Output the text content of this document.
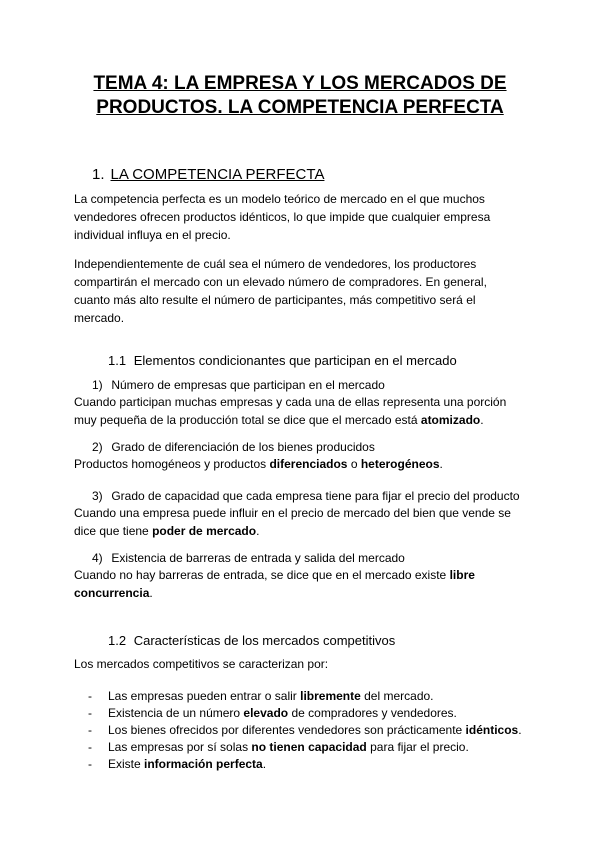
TEMA 4: LA EMPRESA Y LOS MERCADOS DE
PRODUCTOS. LA COMPETENCIA PERFECTA
1. LA COMPETENCIA PERFECTA
La competencia perfecta es un modelo teórico de mercado en el que muchos
vendedores ofrecen productos idénticos, lo que impide que cualquier empresa
individual influya en el precio.
Independientemente de cuál sea el número de vendedores, los productores
compartirán el mercado con un elevado número de compradores. En general,
cuanto más alto resulte el número de participantes, más competitivo será el
mercado.
1.1 Elementos condicionantes que participan en el mercado
1) Número de empresas que participan en el mercado
Cuando participan muchas empresas y cada una de ellas representa una porción
muy pequeña de la producción total se dice que el mercado está atomizado.
2) Grado de diferenciación de los bienes producidos
Productos homogéneos y productos diferenciados o heterogéneos.
3) Grado de capacidad que cada empresa tiene para fijar el precio del producto
Cuando una empresa puede influir en el precio de mercado del bien que vende se
dice que tiene poder de mercado.
4) Existencia de barreras de entrada y salida del mercado
Cuando no hay barreras de entrada, se dice que en el mercado existe libre
concurrencia.
1.2 Características de los mercados competitivos
Los mercados competitivos se caracterizan por:
- Las empresas pueden entrar o salir libremente del mercado.
- Existencia de un número elevado de compradores y vendedores.
- Los bienes ofrecidos por diferentes vendedores son prácticamente idénticos.
- Las empresas por sí solas no tienen capacidad para fijar el precio.
- Existe información perfecta.
